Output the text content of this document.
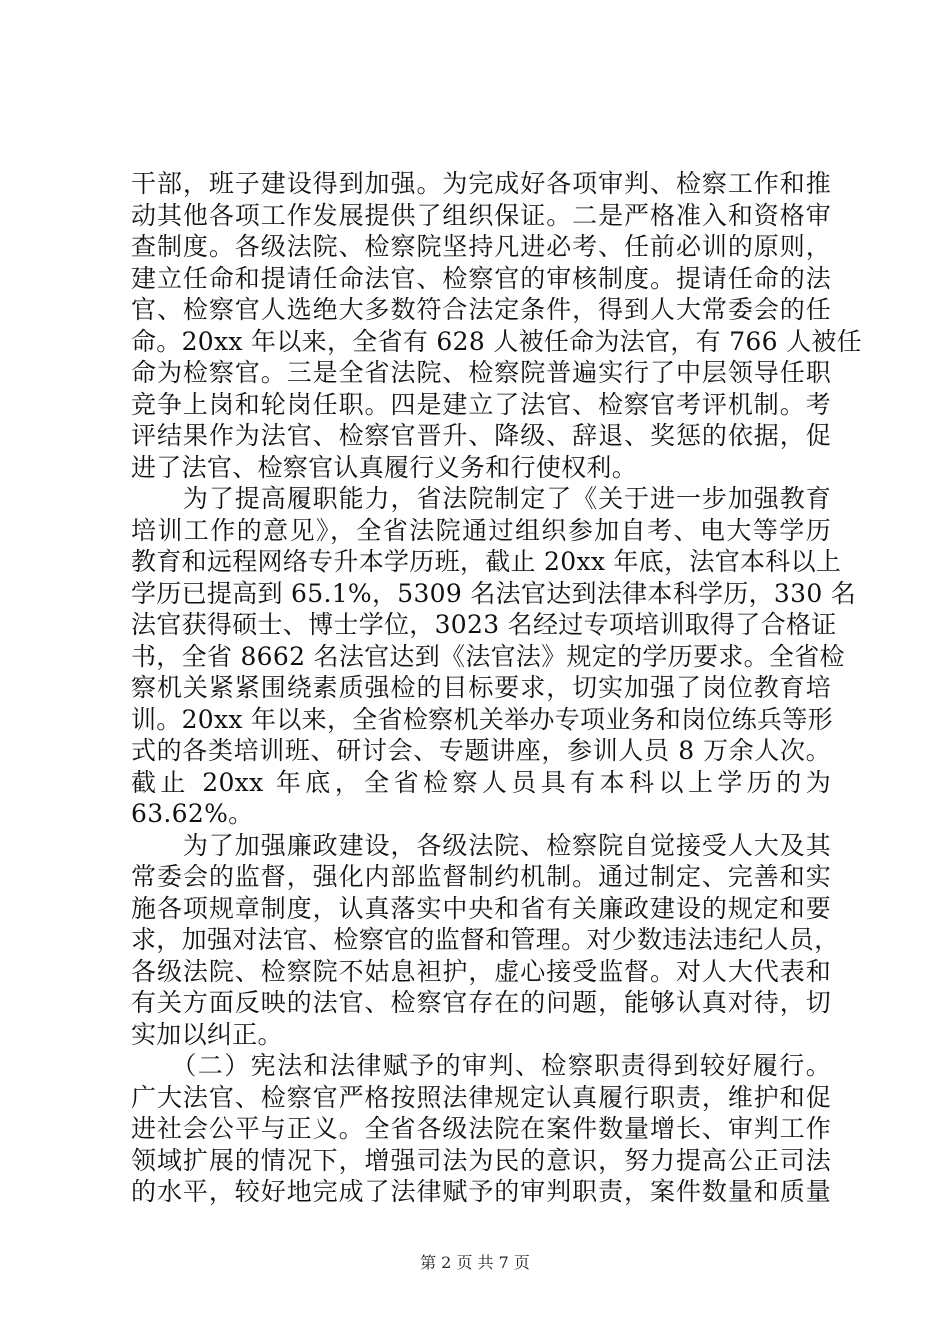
干部，班子建设得到加强。为完成好各项审判、检察工作和推
动其他各项工作发展提供了组织保证。二是严格准入和资格审
查制度。各级法院、检察院坚持凡进必考、任前必训的原则，
建立任命和提请任命法官、检察官的审核制度。提请任命的法
官、检察官人选绝大多数符合法定条件，得到人大常委会的任
命。20xx 年以来，全省有 628 人被任命为法官，有 766 人被任
命为检察官。三是全省法院、检察院普遍实行了中层领导任职
竞争上岗和轮岗任职。四是建立了法官、检察官考评机制。考
评结果作为法官、检察官晋升、降级、辞退、奖惩的依据，促
进了法官、检察官认真履行义务和行使权利。
　　为了提高履职能力，省法院制定了《关于进一步加强教育
培训工作的意见》，全省法院通过组织参加自考、电大等学历
教育和远程网络专升本学历班，截止 20xx 年底，法官本科以上
学历已提高到 65.1%，5309 名法官达到法律本科学历，330 名
法官获得硕士、博士学位，3023 名经过专项培训取得了合格证
书，全省 8662 名法官达到《法官法》规定的学历要求。全省检
察机关紧紧围绕素质强检的目标要求，切实加强了岗位教育培
训。20xx 年以来，全省检察机关举办专项业务和岗位练兵等形
式的各类培训班、研讨会、专题讲座，参训人员 8 万余人次。
截止 20xx 年底，全省检察人员具有本科以上学历的为
63.62%。
　　为了加强廉政建设，各级法院、检察院自觉接受人大及其
常委会的监督，强化内部监督制约机制。通过制定、完善和实
施各项规章制度，认真落实中央和省有关廉政建设的规定和要
求，加强对法官、检察官的监督和管理。对少数违法违纪人员，
各级法院、检察院不姑息袒护，虚心接受监督。对人大代表和
有关方面反映的法官、检察官存在的问题，能够认真对待，切
实加以纠正。
　　（二）宪法和法律赋予的审判、检察职责得到较好履行。
广大法官、检察官严格按照法律规定认真履行职责，维护和促
进社会公平与正义。全省各级法院在案件数量增长、审判工作
领域扩展的情况下，增强司法为民的意识，努力提高公正司法
的水平，较好地完成了法律赋予的审判职责，案件数量和质量
第 2 页 共 7 页
